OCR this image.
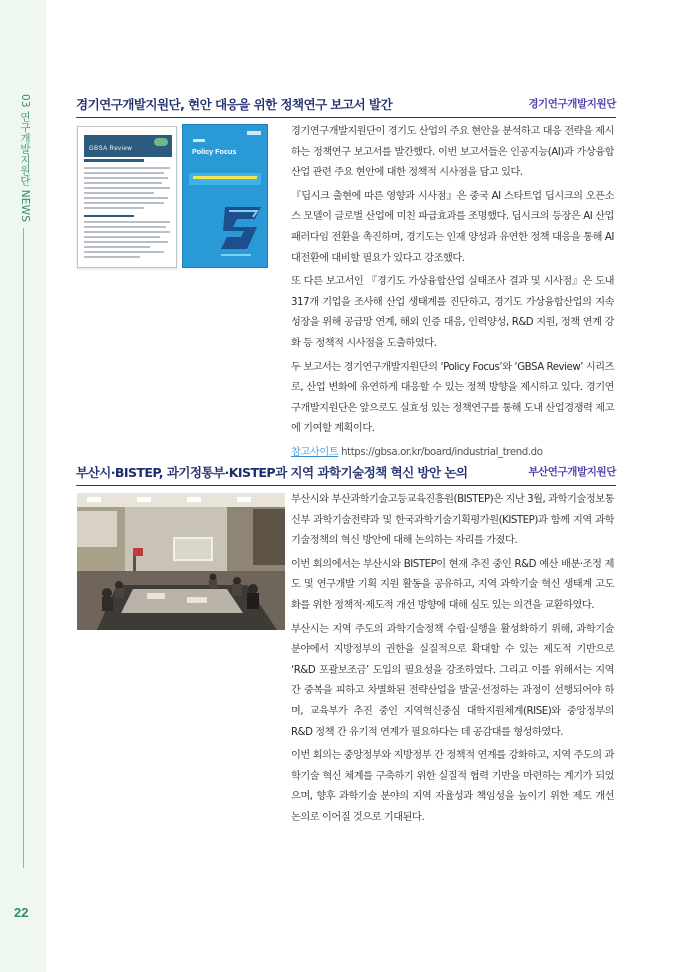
03 연구개발지원단 NEWS
22
경기연구개발지원단, 현안 대응을 위한 정책연구 보고서 발간	경기연구개발지원단
GBSA Review	Policy Focus

경기연구개발지원단이 경기도 산업의 주요 현안을 분석하고 대응 전략을 제시하는 정책연구 보고서를 발간했다. 이번 보고서들은 인공지능(AI)과 가상융합산업 관련 주요 현안에 대한 정책적 시사점을 담고 있다.

『딥시크 출현에 따른 영향과 시사점』은 중국 AI 스타트업 딥시크의 오픈소스 모델이 글로벌 산업에 미친 파급효과를 조명했다. 딥시크의 등장은 AI 산업 패러다임 전환을 촉진하며, 경기도는 인재 양성과 유연한 정책 대응을 통해 AI 대전환에 대비할 필요가 있다고 강조했다.

또 다른 보고서인 『경기도 가상융합산업 실태조사 결과 및 시사점』은 도내 317개 기업을 조사해 산업 생태계를 진단하고, 경기도 가상융합산업의 지속 성장을 위해 공급망 연계, 해외 인증 대응, 인력양성, R&D 지원, 정책 연계 강화 등 정책적 시사점을 도출하였다.

두 보고서는 경기연구개발지원단의 ‘Policy Focus’와 ‘GBSA Review’ 시리즈로, 산업 변화에 유연하게 대응할 수 있는 정책 방향을 제시하고 있다. 경기연구개발지원단은 앞으로도 실효성 있는 정책연구를 통해 도내 산업경쟁력 제고에 기여할 계획이다.

참고사이트 https://gbsa.or.kr/board/industrial_trend.do
부산시·BISTEP, 과기정통부·KISTEP과 지역 과학기술정책 혁신 방안 논의	부산연구개발지원단

부산시와 부산과학기술고등교육진흥원(BISTEP)은 지난 3월, 과학기술정보통신부 과학기술전략과 및 한국과학기술기획평가원(KISTEP)과 함께 지역 과학기술정책의 혁신 방안에 대해 논의하는 자리를 가졌다.

이번 회의에서는 부산시와 BISTEP이 현재 추진 중인 R&D 예산 배분·조정 제도 및 연구개발 기획 지원 활동을 공유하고, 지역 과학기술 혁신 생태계 고도화를 위한 정책적·제도적 개선 방향에 대해 심도 있는 의견을 교환하였다.

부산시는 지역 주도의 과학기술정책 수립·실행을 활성화하기 위해, 과학기술 분야에서 지방정부의 권한을 실질적으로 확대할 수 있는 제도적 기반으로 ‘R&D 포괄보조금’ 도입의 필요성을 강조하였다. 그리고 이를 위해서는 지역 간 중복을 피하고 차별화된 전략산업을 발굴·선정하는 과정이 선행되어야 하며, 교육부가 추진 중인 지역혁신중심 대학지원체계(RISE)와 중앙정부의 R&D 정책 간 유기적 연계가 필요하다는 데 공감대를 형성하였다.

이번 회의는 중앙정부와 지방정부 간 정책적 연계를 강화하고, 지역 주도의 과학기술 혁신 체계를 구축하기 위한 실질적 협력 기반을 마련하는 계기가 되었으며, 향후 과학기술 분야의 지역 자율성과 책임성을 높이기 위한 제도 개선 논의로 이어질 것으로 기대된다.
